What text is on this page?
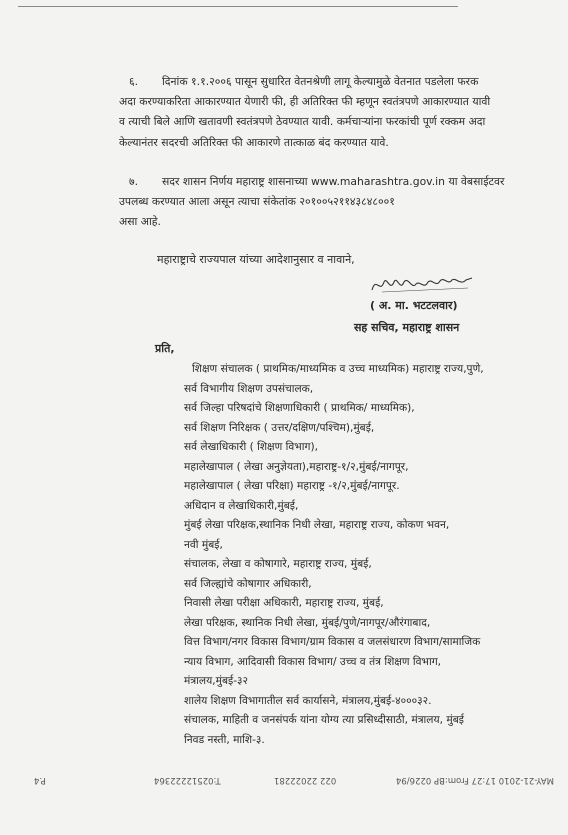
६. दिनांक १.१.२००६ पासून सुधारित वेतनश्रेणी लागू केल्यामुळे वेतनात पडलेला फरक
अदा करण्याकरिता आकारण्यात येणारी फी, ही अतिरिक्त फी म्हणून स्वतंत्रपणे आकारण्यात यावी
व त्याची बिले आणि खतावणी स्वतंत्रपणे ठेवण्यात यावी. कर्मचाऱ्यांना फरकांची पूर्ण रक्कम अदा
केल्यानंतर सदरची अतिरिक्त फी आकारणे तात्काळ बंद करण्यात यावे.
७. सदर शासन निर्णय महाराष्ट्र शासनाच्या www.maharashtra.gov.in या वेबसाईटवर
उपलब्ध करण्यात आला असून त्याचा संकेतांक २०१००५२११४३८४८००१
असा आहे.
महाराष्ट्राचे राज्यपाल यांच्या आदेशानुसार व नावाने,
( अ. मा. भटटलवार)
सह सचिव, महाराष्ट्र शासन
प्रति,
शिक्षण संचालक ( प्राथमिक/माध्यमिक व उच्च माध्यमिक) महाराष्ट्र राज्य,पुणे,
सर्व विभागीय शिक्षण उपसंचालक,
सर्व जिल्हा परिषदांचे शिक्षणाधिकारी ( प्राथमिक/ माध्यमिक),
सर्व शिक्षण निरिक्षक ( उत्तर/दक्षिण/पश्चिम),मुंबई,
सर्व लेखाधिकारी ( शिक्षण विभाग),
महालेखापाल ( लेखा अनुज्ञेयता),महाराष्ट्र-१/२,मुंबई/नागपूर,
महालेखापाल ( लेखा परिक्षा) महाराष्ट्र -१/२,मुंबई/नागपूर.
अधिदान व लेखाधिकारी,मुंबई,
मुंबई लेखा परिक्षक,स्थानिक निधी लेखा, महाराष्ट्र राज्य, कोकण भवन,
नवी मुंबई,
संचालक, लेखा व कोषागारे, महाराष्ट्र राज्य, मुंबई,
सर्व जिल्ह्यांचे कोषागार अधिकारी,
निवासी लेखा परीक्षा अधिकारी, महाराष्ट्र राज्य, मुंबई,
लेखा परिक्षक, स्थानिक निधी लेखा, मुंबई/पुणे/नागपूर/औरंगाबाद,
वित्त विभाग/नगर विकास विभाग/ग्राम विकास व जलसंधारण विभाग/सामाजिक
न्याय विभाग, आदिवासी विकास विभाग/ उच्च व तंत्र शिक्षण विभाग,
मंत्रालय,मुंबई-३२
शालेय शिक्षण विभागातील सर्व कार्यासने, मंत्रालय,मुंबई-४०००३२.
संचालक, माहिती व जनसंपर्क यांना योग्य त्या प्रसिध्दीसाठी, मंत्रालय, मुंबई
निवड नस्ती, माशि-३.
P.4	T:02512222364	022 22022281	MAY-21-2010 17:27 From:BP 0226/94
